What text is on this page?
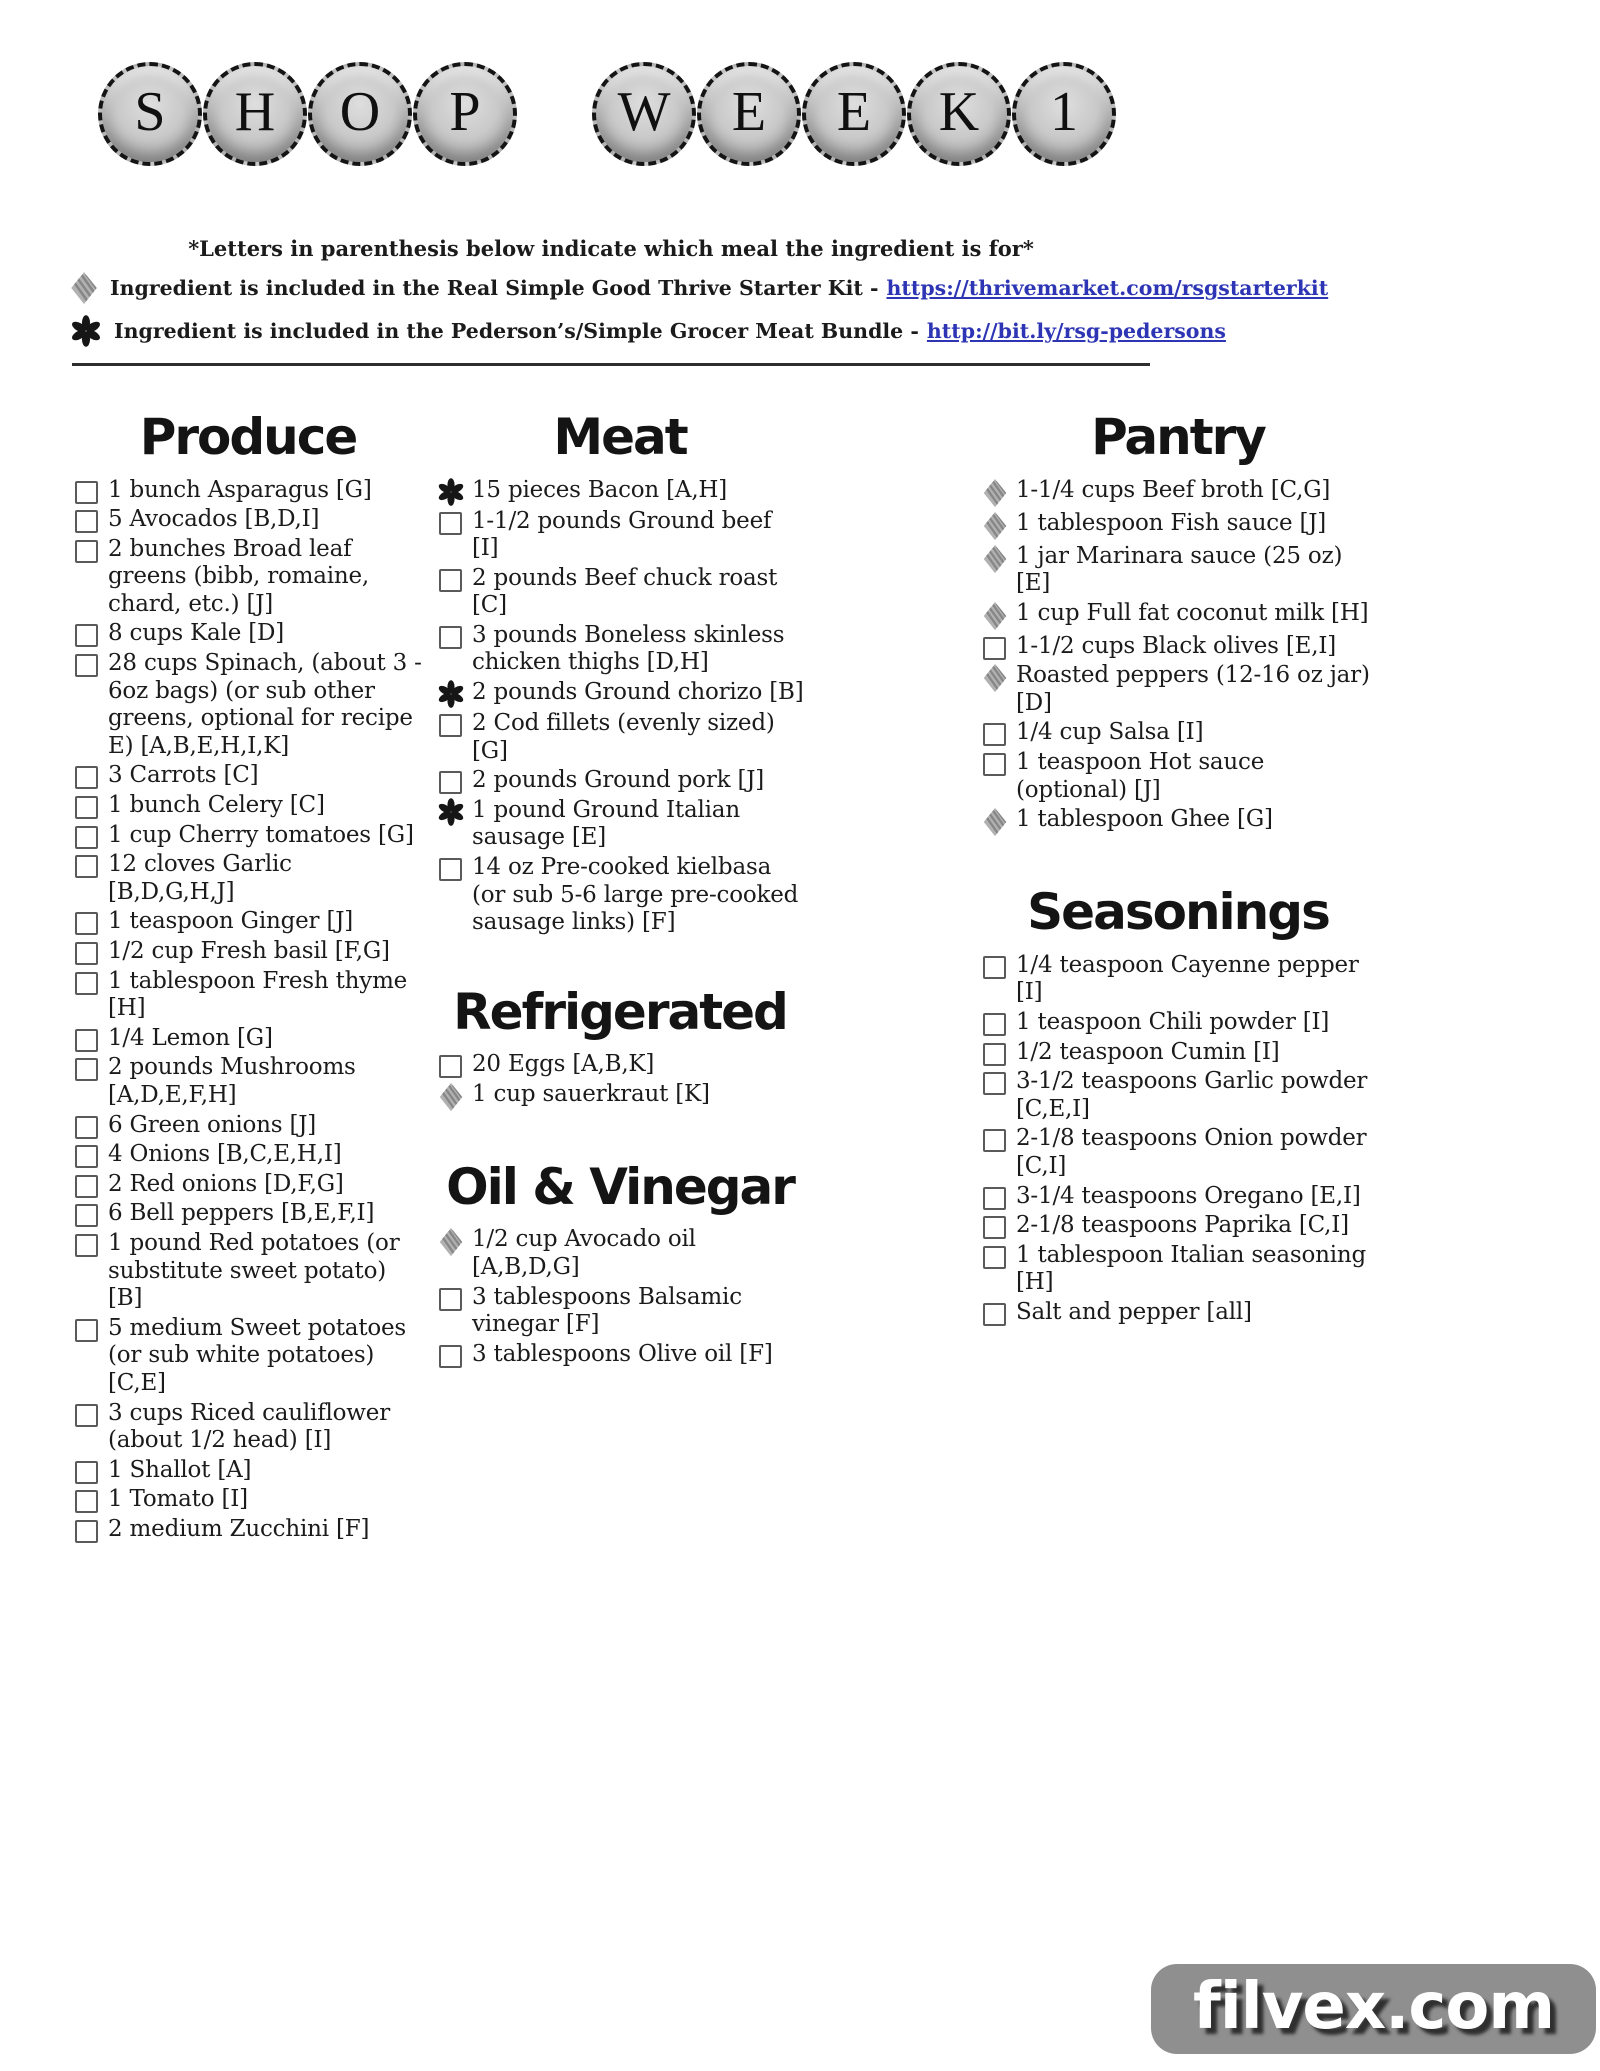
S H O P W E E K 1

*Letters in parenthesis below indicate which meal the ingredient is for*

Ingredient is included in the Real Simple Good Thrive Starter Kit - https://thrivemarket.com/rsgstarterkit

Ingredient is included in the Pederson’s/Simple Grocer Meat Bundle - http://bit.ly/rsg-pedersons

Produce
1 bunch Asparagus [G]
5 Avocados [B,D,I]
2 bunches Broad leaf greens (bibb, romaine, chard, etc.) [J]
8 cups Kale [D]
28 cups Spinach, (about 3 - 6oz bags) (or sub other greens, optional for recipe E) [A,B,E,H,I,K]
3 Carrots [C]
1 bunch Celery [C]
1 cup Cherry tomatoes [G]
12 cloves Garlic [B,D,G,H,J]
1 teaspoon Ginger [J]
1/2 cup Fresh basil [F,G]
1 tablespoon Fresh thyme [H]
1/4 Lemon [G]
2 pounds Mushrooms [A,D,E,F,H]
6 Green onions [J]
4 Onions [B,C,E,H,I]
2 Red onions [D,F,G]
6 Bell peppers [B,E,F,I]
1 pound Red potatoes (or substitute sweet potato) [B]
5 medium Sweet potatoes (or sub white potatoes)[C,E]
3 cups Riced cauliflower (about 1/2 head) [I]
1 Shallot [A]
1 Tomato [I]
2 medium Zucchini [F]
Meat
15 pieces Bacon [A,H]
1-1/2 pounds Ground beef [I]
2 pounds Beef chuck roast [C]
3 pounds Boneless skinless chicken thighs [D,H]
2 pounds Ground chorizo [B]
2 Cod fillets (evenly sized) [G]
2 pounds Ground pork [J]
1 pound Ground Italian sausage [E]
14 oz Pre-cooked kielbasa (or sub 5-6 large pre-cooked sausage links) [F]
Refrigerated
20 Eggs [A,B,K]
1 cup sauerkraut [K]
Oil & Vinegar
1/2 cup Avocado oil [A,B,D,G]
3 tablespoons Balsamic vinegar [F]
3 tablespoons Olive oil [F]
Pantry
1-1/4 cups Beef broth [C,G]
1 tablespoon Fish sauce [J]
1 jar Marinara sauce (25 oz) [E]
1 cup Full fat coconut milk [H]
1-1/2 cups Black olives [E,I]
Roasted peppers (12-16 oz jar) [D]
1/4 cup Salsa [I]
1 teaspoon Hot sauce (optional) [J]
1 tablespoon Ghee [G]
Seasonings
1/4 teaspoon Cayenne pepper [I]
1 teaspoon Chili powder [I]
1/2 teaspoon Cumin [I]
3-1/2 teaspoons Garlic powder [C,E,I]
2-1/8 teaspoons Onion powder [C,I]
3-1/4 teaspoons Oregano [E,I]
2-1/8 teaspoons Paprika [C,I]
1 tablespoon Italian seasoning [H]
Salt and pepper [all]
filvex.com
